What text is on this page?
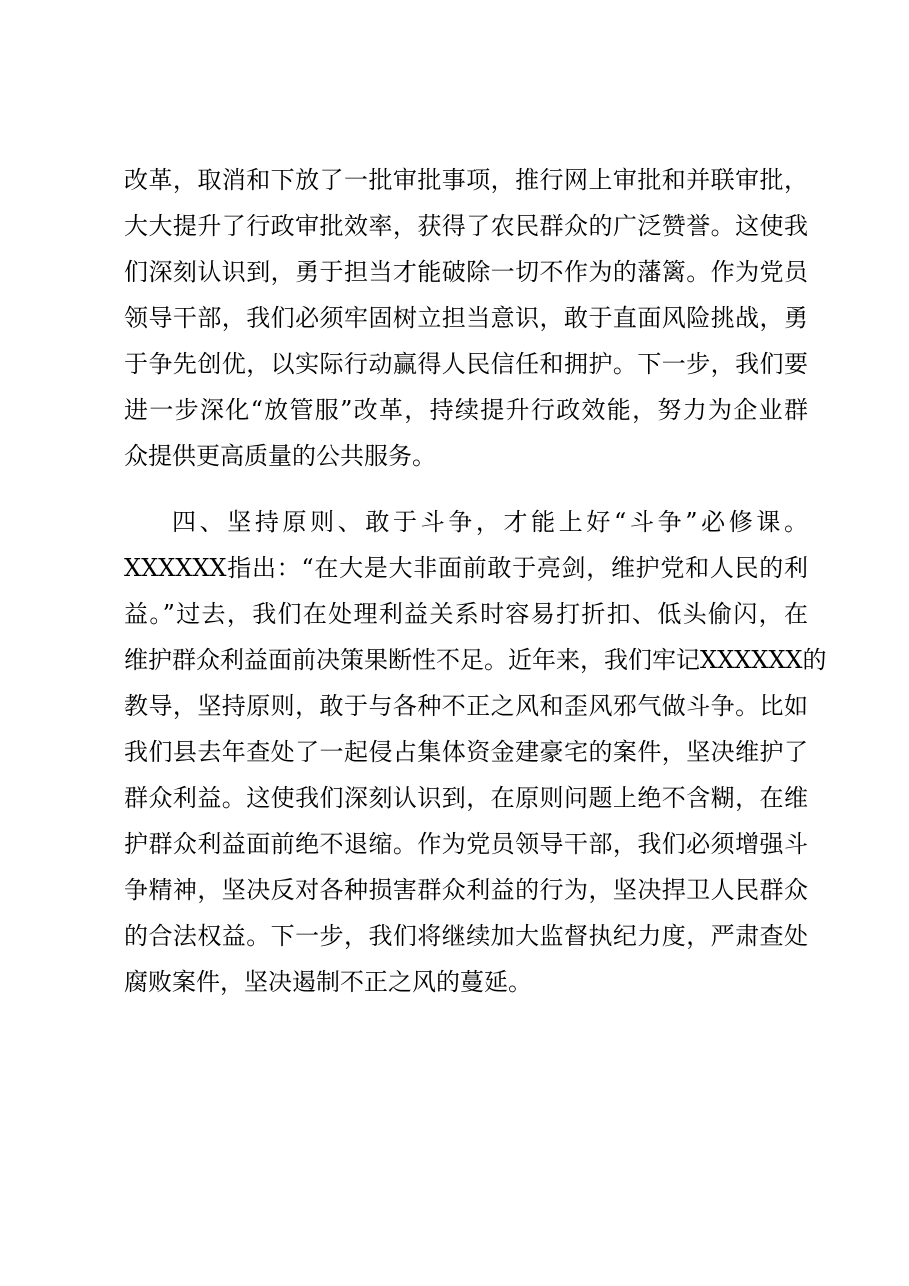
改革，取消和下放了一批审批事项，推行网上审批和并联审批，
大大提升了行政审批效率，获得了农民群众的广泛赞誉。这使我
们深刻认识到，勇于担当才能破除一切不作为的藩篱。作为党员
领导干部，我们必须牢固树立担当意识，敢于直面风险挑战，勇
于争先创优，以实际行动赢得人民信任和拥护。下一步，我们要
进一步深化“放管服”改革，持续提升行政效能，努力为企业群
众提供更高质量的公共服务。
四、坚持原则、敢于斗争，才能上好“斗争”必修课。
XXXXXX指出：“在大是大非面前敢于亮剑，维护党和人民的利
益。”过去，我们在处理利益关系时容易打折扣、低头偷闪，在
维护群众利益面前决策果断性不足。近年来，我们牢记XXXXXX的
教导，坚持原则，敢于与各种不正之风和歪风邪气做斗争。比如
我们县去年查处了一起侵占集体资金建豪宅的案件，坚决维护了
群众利益。这使我们深刻认识到，在原则问题上绝不含糊，在维
护群众利益面前绝不退缩。作为党员领导干部，我们必须增强斗
争精神，坚决反对各种损害群众利益的行为，坚决捍卫人民群众
的合法权益。下一步，我们将继续加大监督执纪力度，严肃查处
腐败案件，坚决遏制不正之风的蔓延。
